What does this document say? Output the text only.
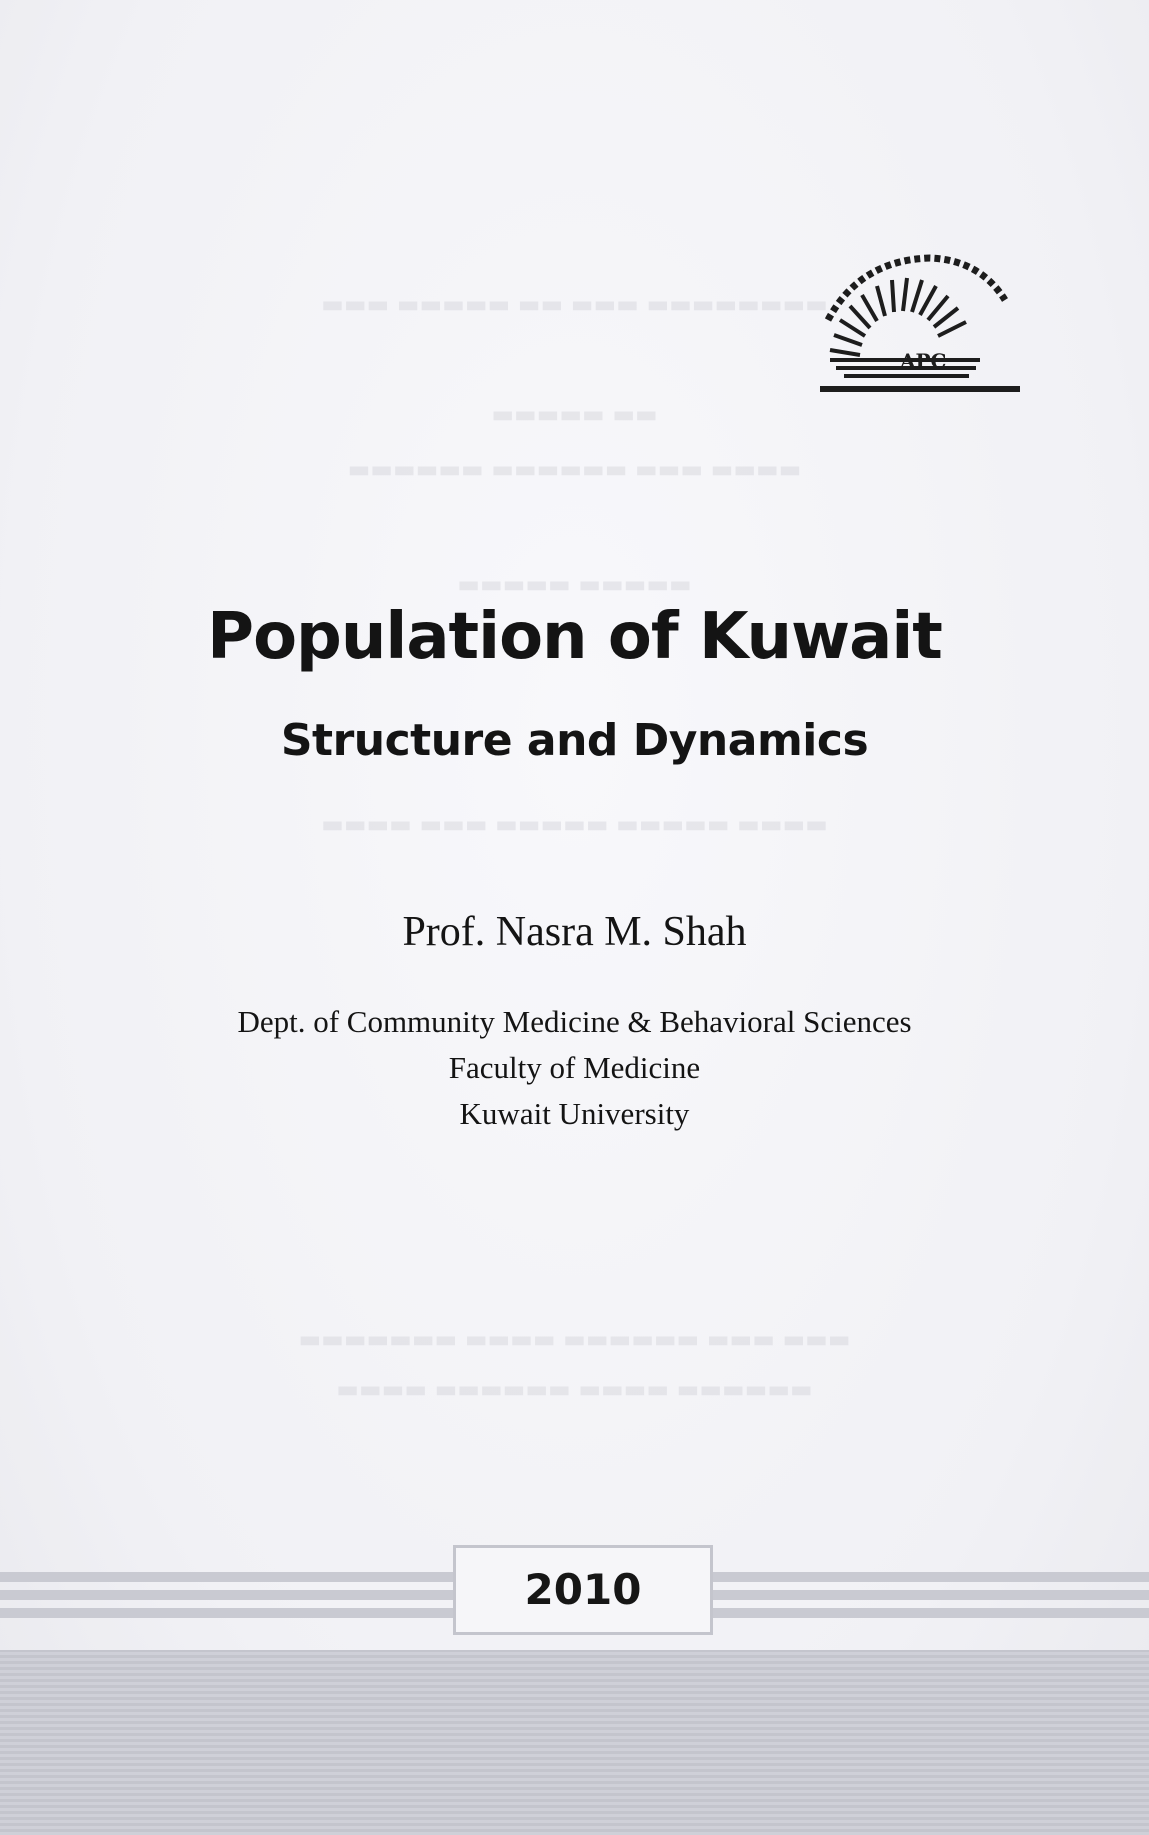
▬▬▬ ▬▬▬▬▬ ▬▬ ▬▬▬ ▬▬▬▬▬▬▬▬
▬▬▬▬▬ ▬▬
▬▬▬▬▬▬ ▬▬▬▬▬▬ ▬▬▬ ▬▬▬▬
▬▬▬▬▬ ▬▬▬▬▬
▬▬▬▬ ▬▬▬ ▬▬▬▬▬ ▬▬▬▬▬ ▬▬▬▬
▬▬▬▬▬▬▬ ▬▬▬▬ ▬▬▬▬▬▬ ▬▬▬ ▬▬▬
▬▬▬▬ ▬▬▬▬▬▬ ▬▬▬▬ ▬▬▬▬▬▬
APC
Population of Kuwait
Structure and Dynamics
Prof. Nasra M. Shah
Dept. of Community Medicine & Behavioral Sciences
Faculty of Medicine
Kuwait University
2010
